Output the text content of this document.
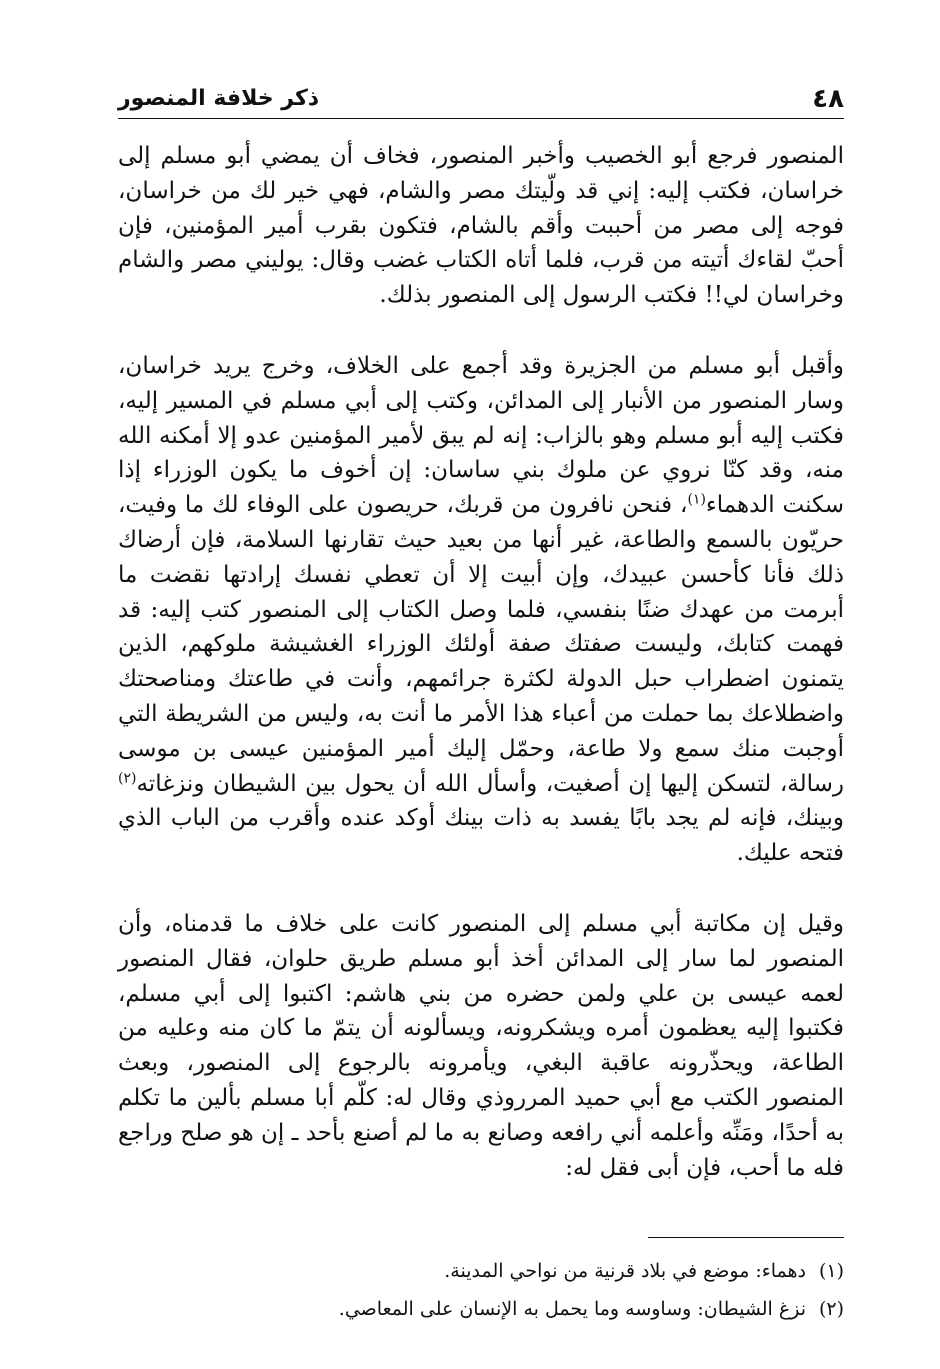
٤٨
ذكر خلافة المنصور

المنصور فرجع أبو الخصيب وأخبر المنصور، فخاف أن يمضي أبو مسلم إلى خراسان، فكتب إليه: إني قد ولّيتك مصر والشام، فهي خير لك من خراسان، فوجه إلى مصر من أحببت وأقم بالشام، فتكون بقرب أمير المؤمنين، فإن أحبّ لقاءك أتيته من قرب، فلما أتاه الكتاب غضب وقال: يوليني مصر والشام وخراسان لي!! فكتب الرسول إلى المنصور بذلك.

وأقبل أبو مسلم من الجزيرة وقد أجمع على الخلاف، وخرج يريد خراسان، وسار المنصور من الأنبار إلى المدائن، وكتب إلى أبي مسلم في المسير إليه، فكتب إليه أبو مسلم وهو بالزاب: إنه لم يبق لأمير المؤمنين عدو إلا أمكنه الله منه، وقد كنّا نروي عن ملوك بني ساسان: إن أخوف ما يكون الوزراء إذا سكنت الدهماء$^{(١)}$، فنحن نافرون من قربك، حريصون على الوفاء لك ما وفيت، حريّون بالسمع والطاعة، غير أنها من بعيد حيث تقارنها السلامة، فإن أرضاك ذلك فأنا كأحسن عبيدك، وإن أبيت إلا أن تعطي نفسك إرادتها نقضت ما أبرمت من عهدك ضنًا بنفسي، فلما وصل الكتاب إلى المنصور كتب إليه: قد فهمت كتابك، وليست صفتك صفة أولئك الوزراء الغشيشة ملوكهم، الذين يتمنون اضطراب حبل الدولة لكثرة جرائمهم، وأنت في طاعتك ومناصحتك واضطلاعك بما حملت من أعباء هذا الأمر ما أنت به، وليس من الشريطة التي أوجبت منك سمع ولا طاعة، وحمّل إليك أمير المؤمنين عيسى بن موسى رسالة، لتسكن إليها إن أصغيت، وأسأل الله أن يحول بين الشيطان ونزغاته$^{(٢)}$ وبينك، فإنه لم يجد بابًا يفسد به ذات بينك أوكد عنده وأقرب من الباب الذي فتحه عليك.

وقيل إن مكاتبة أبي مسلم إلى المنصور كانت على خلاف ما قدمناه، وأن المنصور لما سار إلى المدائن أخذ أبو مسلم طريق حلوان، فقال المنصور لعمه عيسى بن علي ولمن حضره من بني هاشم: اكتبوا إلى أبي مسلم، فكتبوا إليه يعظمون أمره ويشكرونه، ويسألونه أن يتمّ ما كان منه وعليه من الطاعة، ويحذّرونه عاقبة البغي، ويأمرونه بالرجوع إلى المنصور، وبعث المنصور الكتب مع أبي حميد المرروذي وقال له: كلّم أبا مسلم بألين ما تكلم به أحدًا، ومَنِّه وأعلمه أني رافعه وصانع به ما لم أصنع بأحد ـ إن هو صلح وراجع فله ما أحب، فإن أبى فقل له:

(١)دهماء: موضع في بلاد قرنية من نواحي المدينة.

(٢)نزغ الشيطان: وساوسه وما يحمل به الإنسان على المعاصي.
